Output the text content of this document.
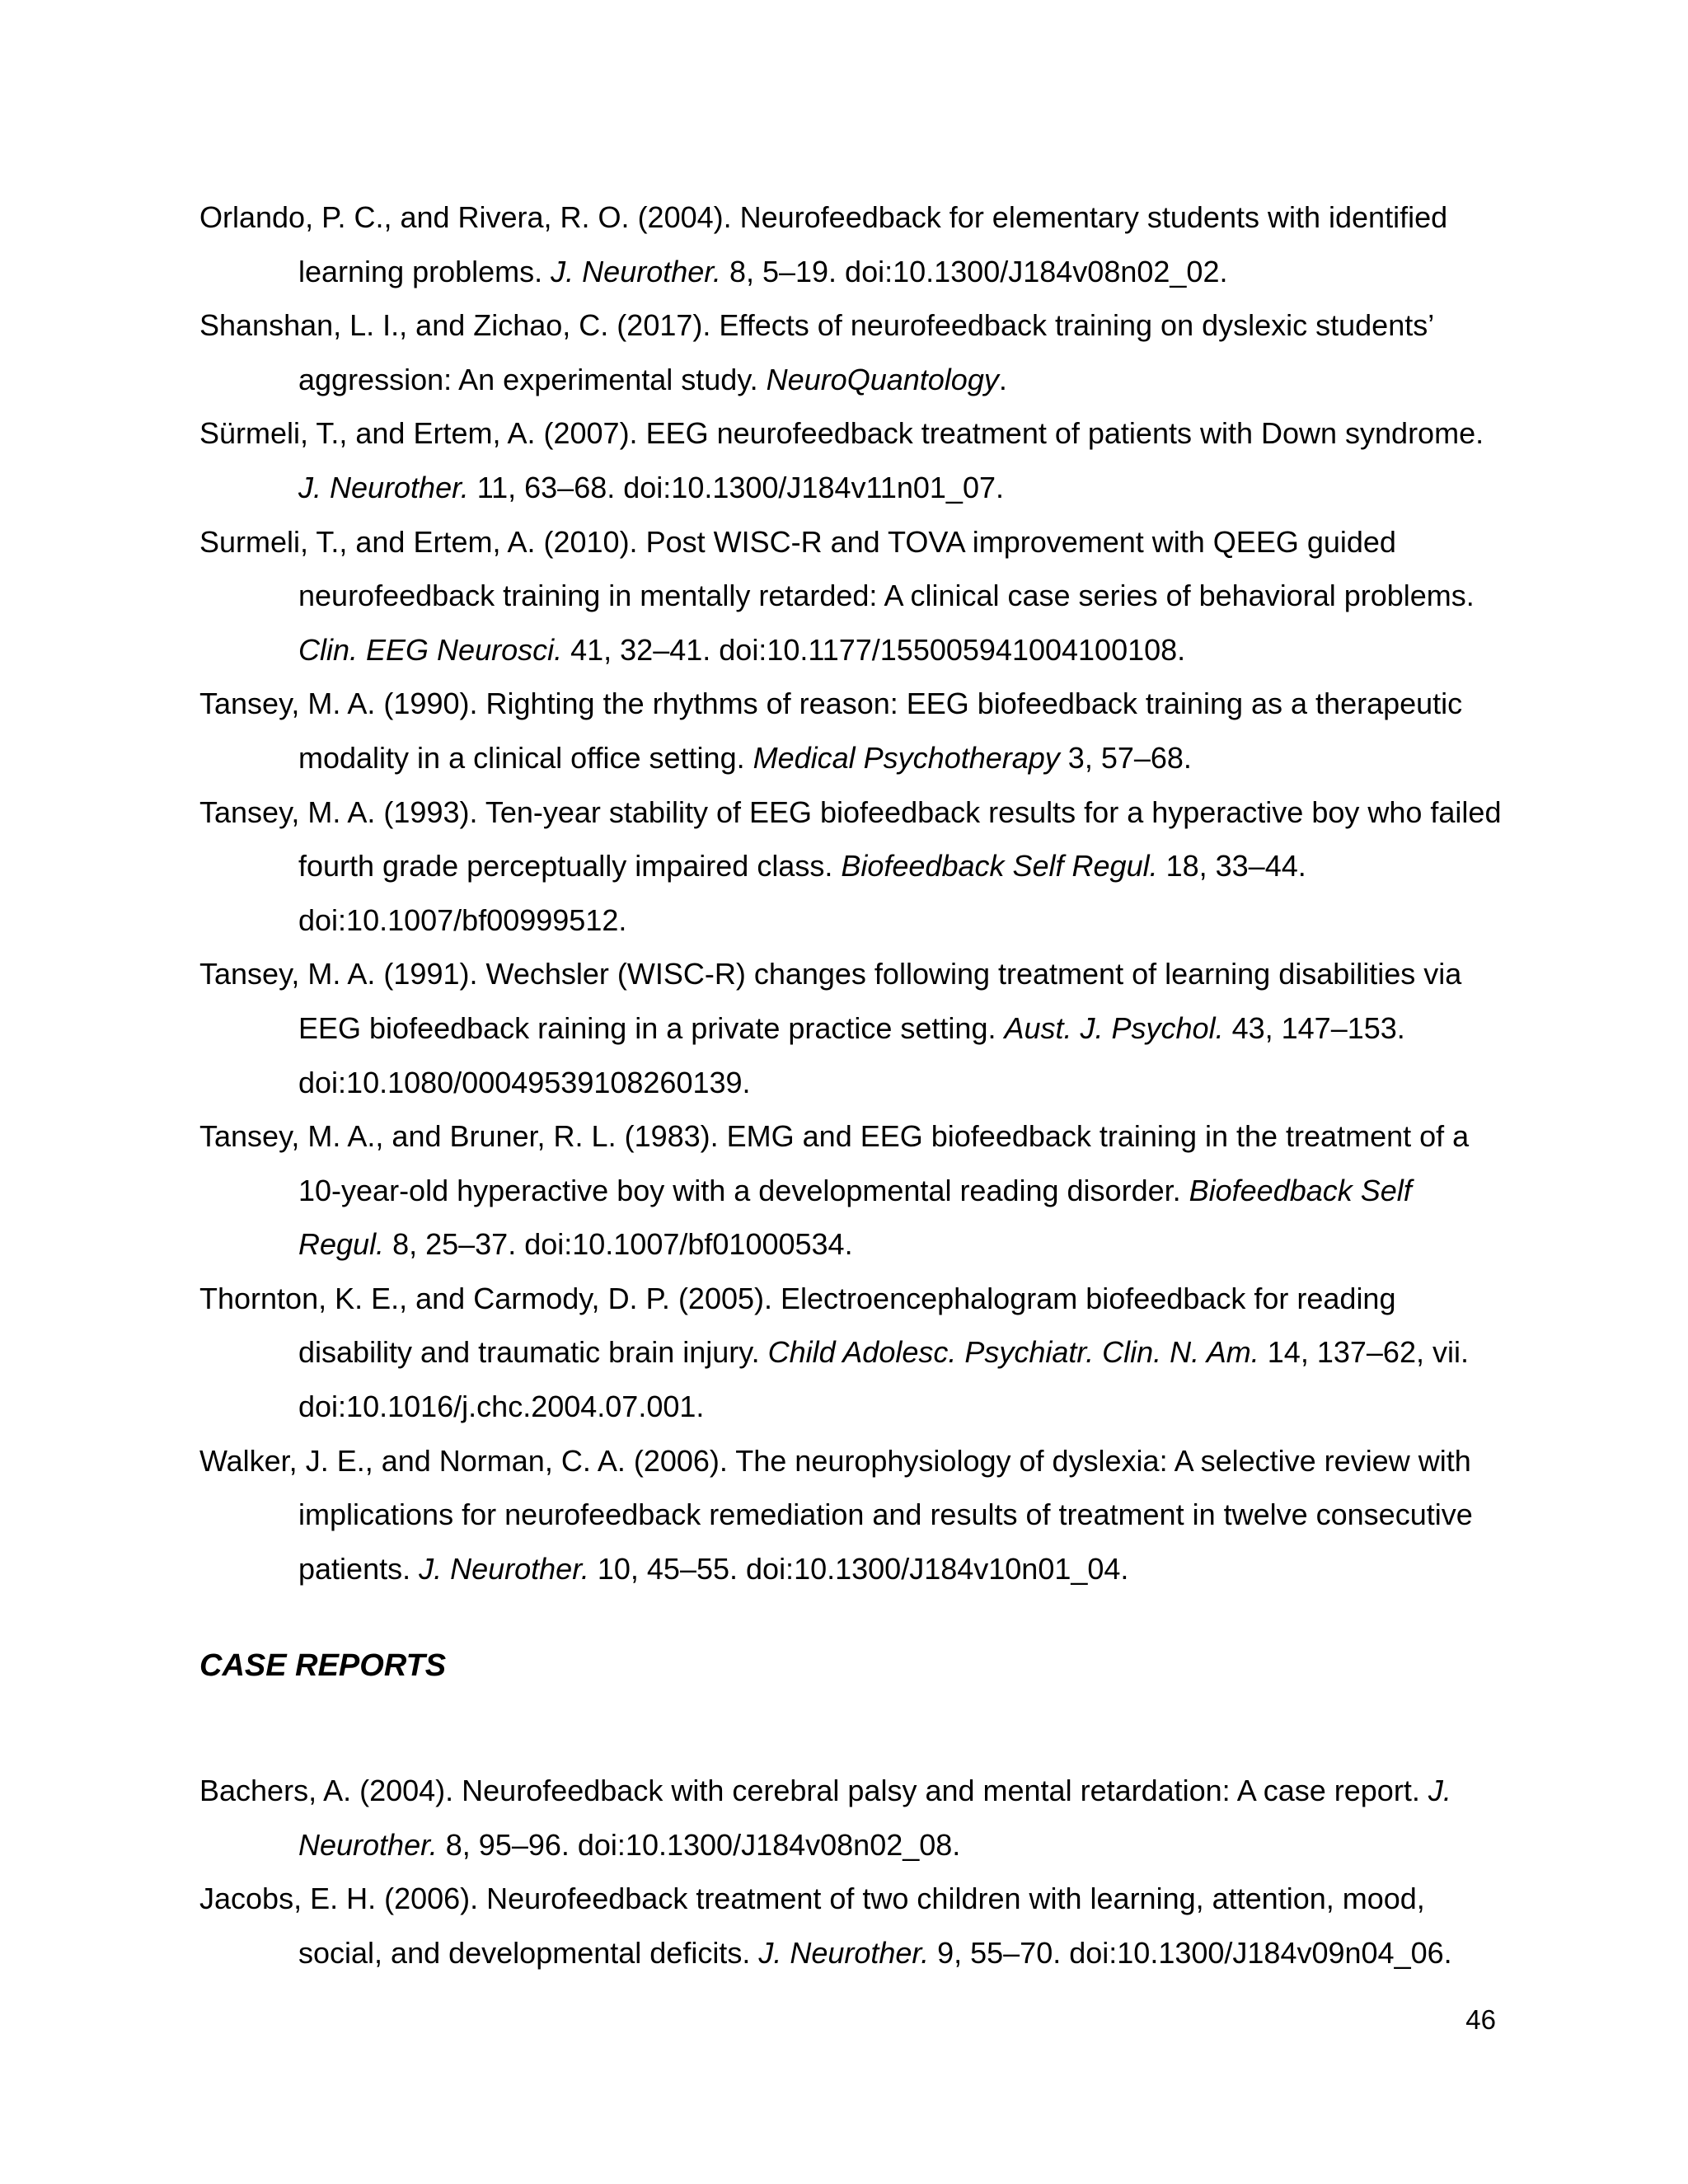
Orlando, P. C., and Rivera, R. O. (2004). Neurofeedback for elementary students with identified learning problems. J. Neurother. 8, 5–19. doi:10.1300/J184v08n02_02.

Shanshan, L. I., and Zichao, C. (2017). Effects of neurofeedback training on dyslexic students’ aggression: An experimental study. NeuroQuantology.

Sürmeli, T., and Ertem, A. (2007). EEG neurofeedback treatment of patients with Down syndrome. J. Neurother. 11, 63–68. doi:10.1300/J184v11n01_07.

Surmeli, T., and Ertem, A. (2010). Post WISC-R and TOVA improvement with QEEG guided neurofeedback training in mentally retarded: A clinical case series of behavioral problems. Clin. EEG Neurosci. 41, 32–41. doi:10.1177/155005941004100108.

Tansey, M. A. (1990). Righting the rhythms of reason: EEG biofeedback training as a therapeutic modality in a clinical office setting. Medical Psychotherapy 3, 57–68.

Tansey, M. A. (1993). Ten-year stability of EEG biofeedback results for a hyperactive boy who failed fourth grade perceptually impaired class. Biofeedback Self Regul. 18, 33–44. doi:10.1007/bf00999512.

Tansey, M. A. (1991). Wechsler (WISC-R) changes following treatment of learning disabilities via EEG biofeedback raining in a private practice setting. Aust. J. Psychol. 43, 147–153. doi:10.1080/00049539108260139.

Tansey, M. A., and Bruner, R. L. (1983). EMG and EEG biofeedback training in the treatment of a 10-year-old hyperactive boy with a developmental reading disorder. Biofeedback Self Regul. 8, 25–37. doi:10.1007/bf01000534.

Thornton, K. E., and Carmody, D. P. (2005). Electroencephalogram biofeedback for reading disability and traumatic brain injury. Child Adolesc. Psychiatr. Clin. N. Am. 14, 137–62, vii. doi:10.1016/j.chc.2004.07.001.

Walker, J. E., and Norman, C. A. (2006). The neurophysiology of dyslexia: A selective review with implications for neurofeedback remediation and results of treatment in twelve consecutive patients. J. Neurother. 10, 45–55. doi:10.1300/J184v10n01_04.

CASE REPORTS

Bachers, A. (2004). Neurofeedback with cerebral palsy and mental retardation: A case report. J. Neurother. 8, 95–96. doi:10.1300/J184v08n02_08.

Jacobs, E. H. (2006). Neurofeedback treatment of two children with learning, attention, mood, social, and developmental deficits. J. Neurother. 9, 55–70. doi:10.1300/J184v09n04_06.

46
